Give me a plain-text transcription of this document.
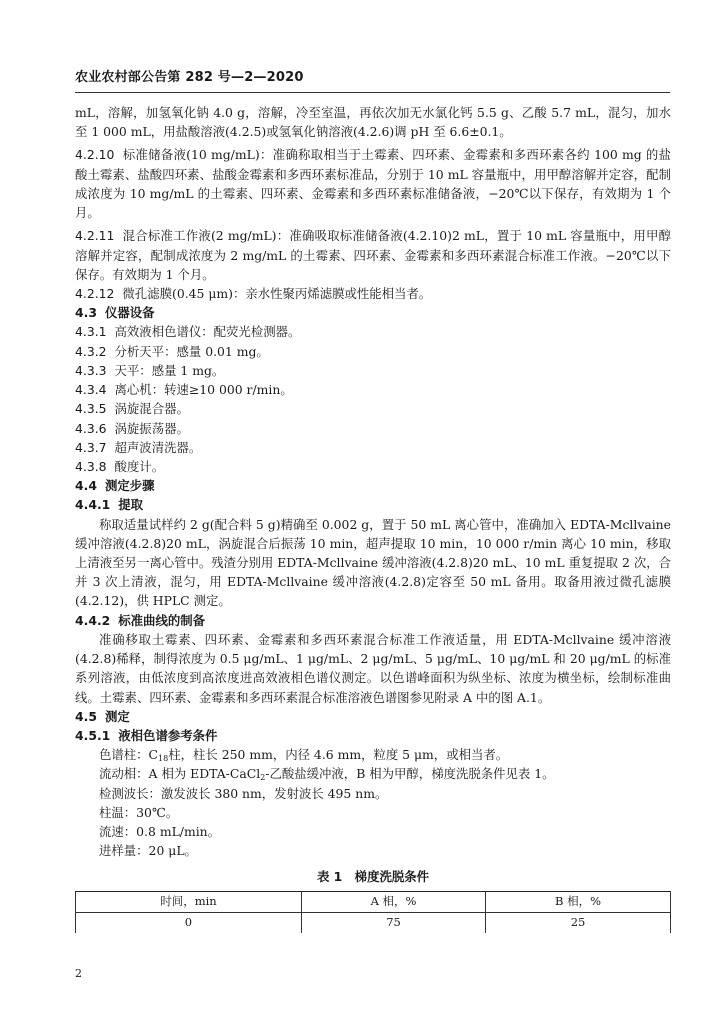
农业农村部公告第 282 号—2—2020

mL，溶解，加氢氧化钠 4.0 g，溶解，冷至室温，再依次加无水氯化钙 5.5 g、乙酸 5.7 mL，混匀，加水至 1 000 mL，用盐酸溶液(4.2.5)或氢氧化钠溶液(4.2.6)调 pH 至 6.6±0.1。

4.2.10 标准储备液(10 mg/mL)：准确称取相当于土霉素、四环素、金霉素和多西环素各约 100 mg 的盐酸土霉素、盐酸四环素、盐酸金霉素和多西环素标准品，分别于 10 mL 容量瓶中，用甲醇溶解并定容，配制成浓度为 10 mg/mL 的土霉素、四环素、金霉素和多西环素标准储备液，−20℃以下保存，有效期为 1 个月。

4.2.11 混合标准工作液(2 mg/mL)：准确吸取标准储备液(4.2.10)2 mL，置于 10 mL 容量瓶中，用甲醇溶解并定容，配制成浓度为 2 mg/mL 的土霉素、四环素、金霉素和多西环素混合标准工作液。−20℃以下保存。有效期为 1 个月。

4.2.12 微孔滤膜(0.45 μm)：亲水性聚丙烯滤膜或性能相当者。

4.3 仪器设备

4.3.1 高效液相色谱仪：配荧光检测器。

4.3.2 分析天平：感量 0.01 mg。

4.3.3 天平：感量 1 mg。

4.3.4 离心机：转速≥10 000 r/min。

4.3.5 涡旋混合器。

4.3.6 涡旋振荡器。

4.3.7 超声波清洗器。

4.3.8 酸度计。

4.4 测定步骤

4.4.1 提取

称取适量试样约 2 g(配合料 5 g)精确至 0.002 g，置于 50 mL 离心管中，准确加入 EDTA-Mcllvaine 缓冲溶液(4.2.8)20 mL，涡旋混合后振荡 10 min，超声提取 10 min，10 000 r/min 离心 10 min，移取上清液至另一离心管中。残渣分别用 EDTA-Mcllvaine 缓冲溶液(4.2.8)20 mL、10 mL 重复提取 2 次，合并 3 次上清液，混匀，用 EDTA-Mcllvaine 缓冲溶液(4.2.8)定容至 50 mL 备用。取备用液过微孔滤膜(4.2.12)，供 HPLC 测定。

4.4.2 标准曲线的制备

准确移取土霉素、四环素、金霉素和多西环素混合标准工作液适量，用 EDTA-Mcllvaine 缓冲溶液(4.2.8)稀释，制得浓度为 0.5 μg/mL、1 μg/mL、2 μg/mL、5 μg/mL、10 μg/mL 和 20 μg/mL 的标准系列溶液，由低浓度到高浓度进高效液相色谱仪测定。以色谱峰面积为纵坐标、浓度为横坐标，绘制标准曲线。土霉素、四环素、金霉素和多西环素混合标准溶液色谱图参见附录 A 中的图 A.1。

4.5 测定

4.5.1 液相色谱参考条件

色谱柱：$C_{18}$柱，柱长 250 mm，内径 4.6 mm，粒度 5 μm，或相当者。

流动相：A 相为 EDTA-CaCl$_2$-乙酸盐缓冲液，B 相为甲醇，梯度洗脱条件见表 1。

检测波长：激发波长 380 nm，发射波长 495 nm。

柱温：30℃。

流速：0.8 mL/min。

进样量：20 μL。

表 1　梯度洗脱条件
时间，min	A 相，%	B 相，%
0	75	25
2
